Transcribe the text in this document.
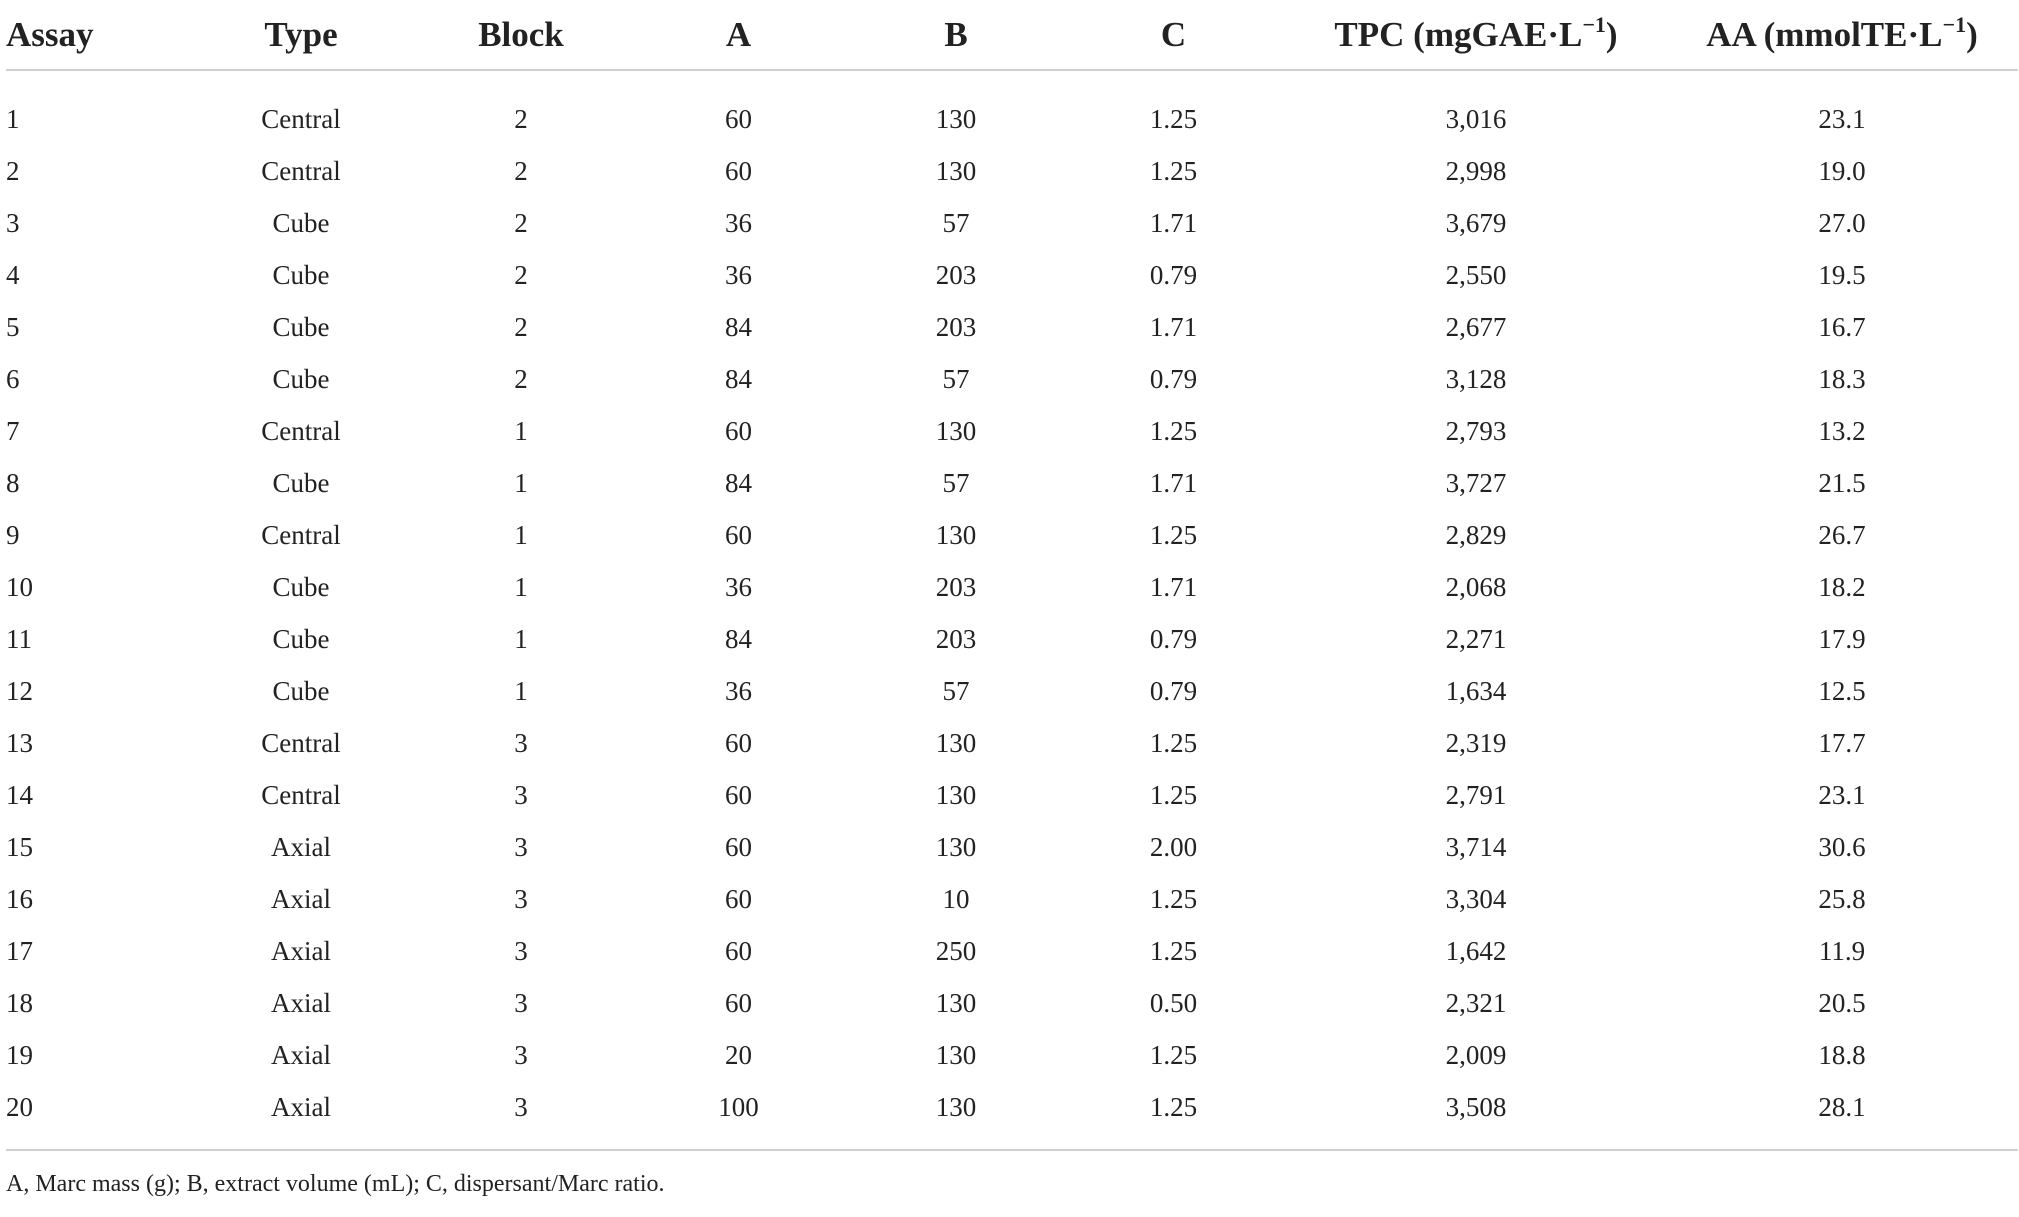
Assay	Type	Block	A	B	C	TPC $(mgGAE\cdot L^{-1})$	AA $(mmolTE\cdot L^{-1})$
1	Central	2	60	130	1.25	3,016	23.1
2	Central	2	60	130	1.25	2,998	19.0
3	Cube	2	36	57	1.71	3,679	27.0
4	Cube	2	36	203	0.79	2,550	19.5
5	Cube	2	84	203	1.71	2,677	16.7
6	Cube	2	84	57	0.79	3,128	18.3
7	Central	1	60	130	1.25	2,793	13.2
8	Cube	1	84	57	1.71	3,727	21.5
9	Central	1	60	130	1.25	2,829	26.7
10	Cube	1	36	203	1.71	2,068	18.2
11	Cube	1	84	203	0.79	2,271	17.9
12	Cube	1	36	57	0.79	1,634	12.5
13	Central	3	60	130	1.25	2,319	17.7
14	Central	3	60	130	1.25	2,791	23.1
15	Axial	3	60	130	2.00	3,714	30.6
16	Axial	3	60	10	1.25	3,304	25.8
17	Axial	3	60	250	1.25	1,642	11.9
18	Axial	3	60	130	0.50	2,321	20.5
19	Axial	3	20	130	1.25	2,009	18.8
20	Axial	3	100	130	1.25	3,508	28.1
A, Marc mass (g); B, extract volume (mL); C, dispersant/Marc ratio.							
